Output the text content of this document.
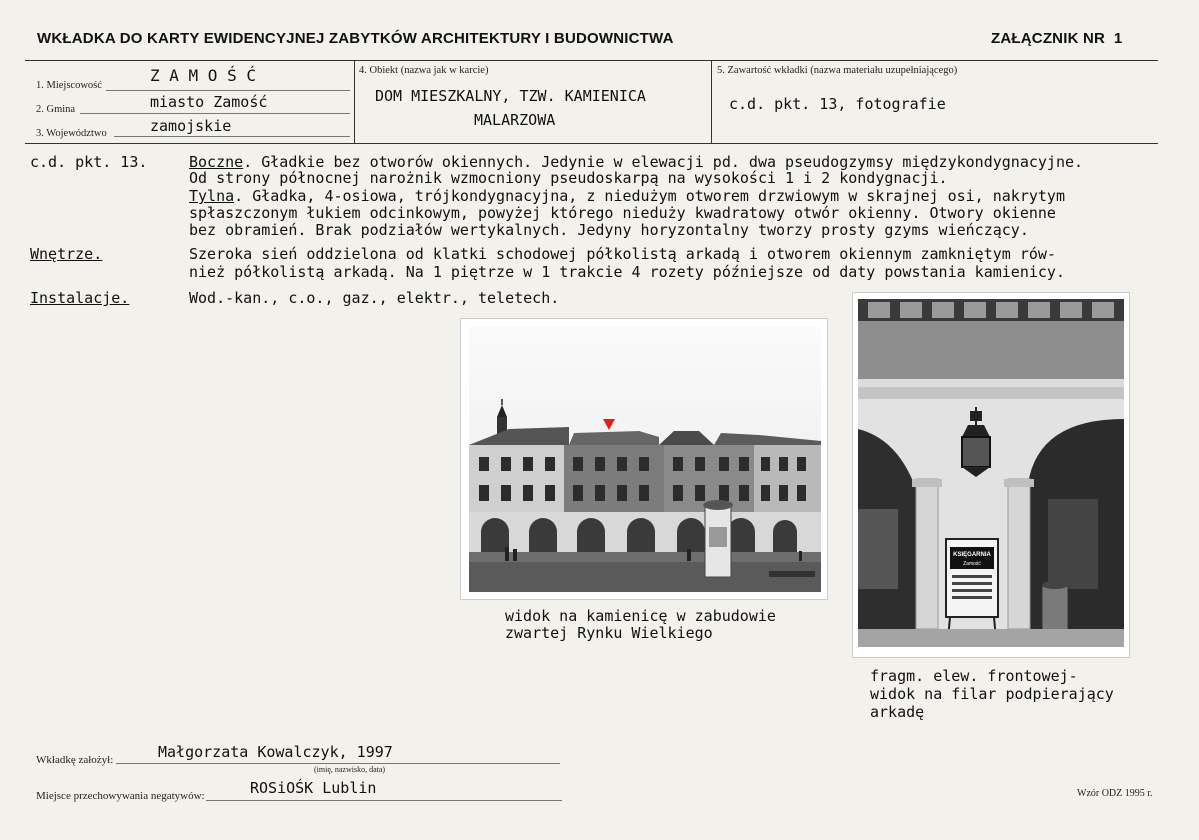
WKŁADKA DO KARTY EWIDENCYJNEJ ZABYTKÓW ARCHITEKTURY I BUDOWNICTWA	ZAŁĄCZNIK NR 1
1. Miejscowość
Z A M O Ś Ć
2. Gmina	miasto Zamość
3. Województwo	zamojskie
4. Obiekt (nazwa jak w karcie)
DOM MIESZKALNY, TZW. KAMIENICA
MALARZOWA
5. Zawartość wkładki (nazwa materiału uzupełniającego)
c.d. pkt. 13, fotografie
c.d. pkt. 13.	Boczne. Gładkie bez otworów okiennych. Jedynie w elewacji pd. dwa pseudogzymsy międzykondygnacyjne.
Od strony północnej narożnik wzmocniony pseudoskarpą na wysokości 1 i 2 kondygnacji.
Tylna. Gładka, 4-osiowa, trójkondygnacyjna, z niedużym otworem drzwiowym w skrajnej osi, nakrytym
spłaszczonym łukiem odcinkowym, powyżej którego nieduży kwadratowy otwór okienny. Otwory okienne
bez obramień. Brak podziałów wertykalnych. Jedyny horyzontalny tworzy prosty gzyms wieńczący.
Wnętrze.	Szeroka sień oddzielona od klatki schodowej półkolistą arkadą i otworem okiennym zamkniętym rów-
nież półkolistą arkadą. Na 1 piętrze w 1 trakcie 4 rozety późniejsze od daty powstania kamienicy.
Instalacje.	Wod.-kan., c.o., gaz., elektr., teletech.
widok na kamienicę w zabudowie
zwartej Rynku Wielkiego
KSIĘGARNIA
Zamość
fragm. elew. frontowej-
widok na filar podpierający
arkadę
Wkładkę założył:	Małgorzata Kowalczyk, 1997
(imię, nazwisko, data)
Miejsce przechowywania negatywów:	ROSiOŚK Lublin	Wzór ODZ 1995 r.
